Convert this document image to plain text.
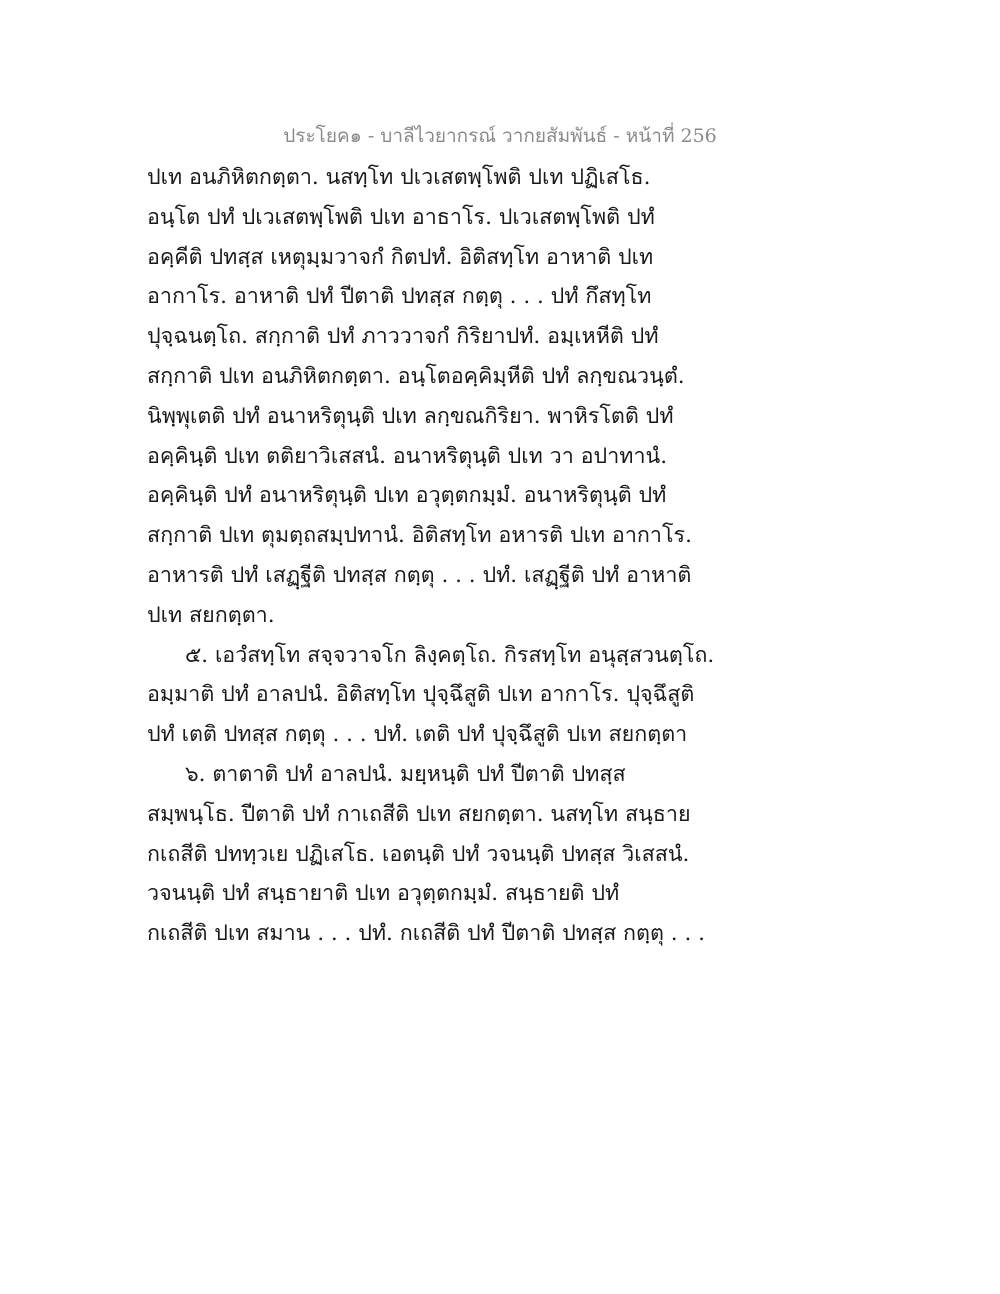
ประโยค๑ - บาลีไวยากรณ์ วากยสัมพันธ์ - หน้าที่ 256
ปเท อนภิหิตกตฺตา. นสทฺโท ปเวเสตพฺโพติ ปเท ปฏิเสโธ.
อนฺโต ปทํ ปเวเสตพฺโพติ ปเท อาธาโร. ปเวเสตพฺโพติ ปทํ
อคฺคีติ ปทสฺส เหตุมฺมวาจกํ กิตปทํ. อิติสทฺโท อาหาติ ปเท
อากาโร. อาหาติ ปทํ ปีตาติ ปทสฺส กตฺตุ . . . ปทํ กึสทฺโท
ปุจฺฉนตฺโถ. สกฺกาติ ปทํ ภาววาจกํ กิริยาปทํ. อมฺเหหีติ ปทํ
สกฺกาติ ปเท อนภิหิตกตฺตา. อนฺโตอคฺคิมฺหีติ ปทํ ลกฺขณวนฺตํ.
นิพฺพุเตติ ปทํ อนาหริตุนฺติ ปเท ลกฺขณกิริยา. พาหิรโตติ ปทํ
อคฺคินฺติ ปเท ตติยาวิเสสนํ. อนาหริตุนฺติ ปเท วา อปาทานํ.
อคฺคินฺติ ปทํ อนาหริตุนฺติ ปเท อวุตฺตกมฺมํ. อนาหริตุนฺติ ปทํ
สกฺกาติ ปเท ตุมตฺถสมฺปทานํ. อิติสทฺโท อหารติ ปเท อากาโร.
อาหารติ ปทํ เสฏฺฐีติ ปทสฺส กตฺตุ . . . ปทํ. เสฏฺฐีติ ปทํ อาหาติ
ปเท สยกตฺตา.
๕. เอวํสทฺโท สจฺจวาจโก ลิงฺคตฺโถ. กิรสทฺโท อนุสฺสวนตฺโถ.
อมฺมาติ ปทํ อาลปนํ. อิติสทฺโท ปุจฺฉึสูติ ปเท อากาโร. ปุจฺฉึสูติ
ปทํ เตติ ปทสฺส กตฺตุ . . . ปทํ. เตติ ปทํ ปุจฺฉึสูติ ปเท สยกตฺตา
๖. ตาตาติ ปทํ อาลปนํ. มยฺหนฺติ ปทํ ปีตาติ ปทสฺส
สมฺพนฺโธ. ปีตาติ ปทํ กาเถสีติ ปเท สยกตฺตา. นสทฺโท สนฺธาย
กเถสีติ ปททฺวเย ปฏิเสโธ. เอตนฺติ ปทํ วจนนฺติ ปทสฺส วิเสสนํ.
วจนนฺติ ปทํ สนฺธายาติ ปเท อวุตฺตกมฺมํ. สนฺธายติ ปทํ
กเถสีติ ปเท สมาน . . . ปทํ. กเถสีติ ปทํ ปีตาติ ปทสฺส กตฺตุ . . .
